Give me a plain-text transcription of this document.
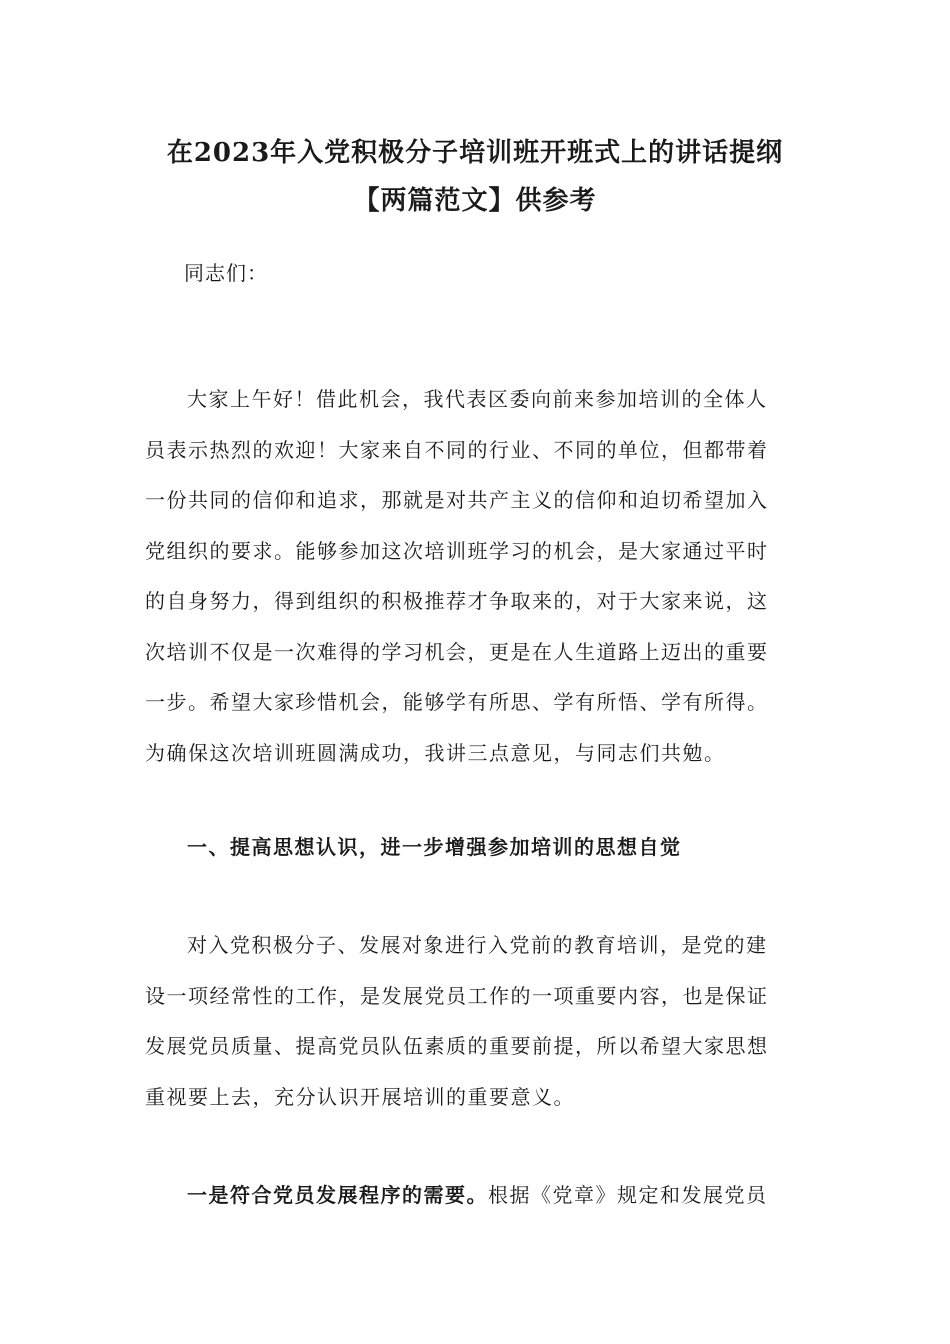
在2023年入党积极分子培训班开班式上的讲话提纲
【两篇范文】供参考
同志们：
大家上午好！借此机会，我代表区委向前来参加培训的全体人
员表示热烈的欢迎！大家来自不同的行业、不同的单位，但都带着
一份共同的信仰和追求，那就是对共产主义的信仰和迫切希望加入
党组织的要求。能够参加这次培训班学习的机会，是大家通过平时
的自身努力，得到组织的积极推荐才争取来的，对于大家来说，这
次培训不仅是一次难得的学习机会，更是在人生道路上迈出的重要
一步。希望大家珍惜机会，能够学有所思、学有所悟、学有所得。
为确保这次培训班圆满成功，我讲三点意见，与同志们共勉。
一、提高思想认识，进一步增强参加培训的思想自觉
对入党积极分子、发展对象进行入党前的教育培训，是党的建
设一项经常性的工作，是发展党员工作的一项重要内容，也是保证
发展党员质量、提高党员队伍素质的重要前提，所以希望大家思想
重视要上去，充分认识开展培训的重要意义。
一是符合党员发展程序的需要。根据《党章》规定和发展党员
